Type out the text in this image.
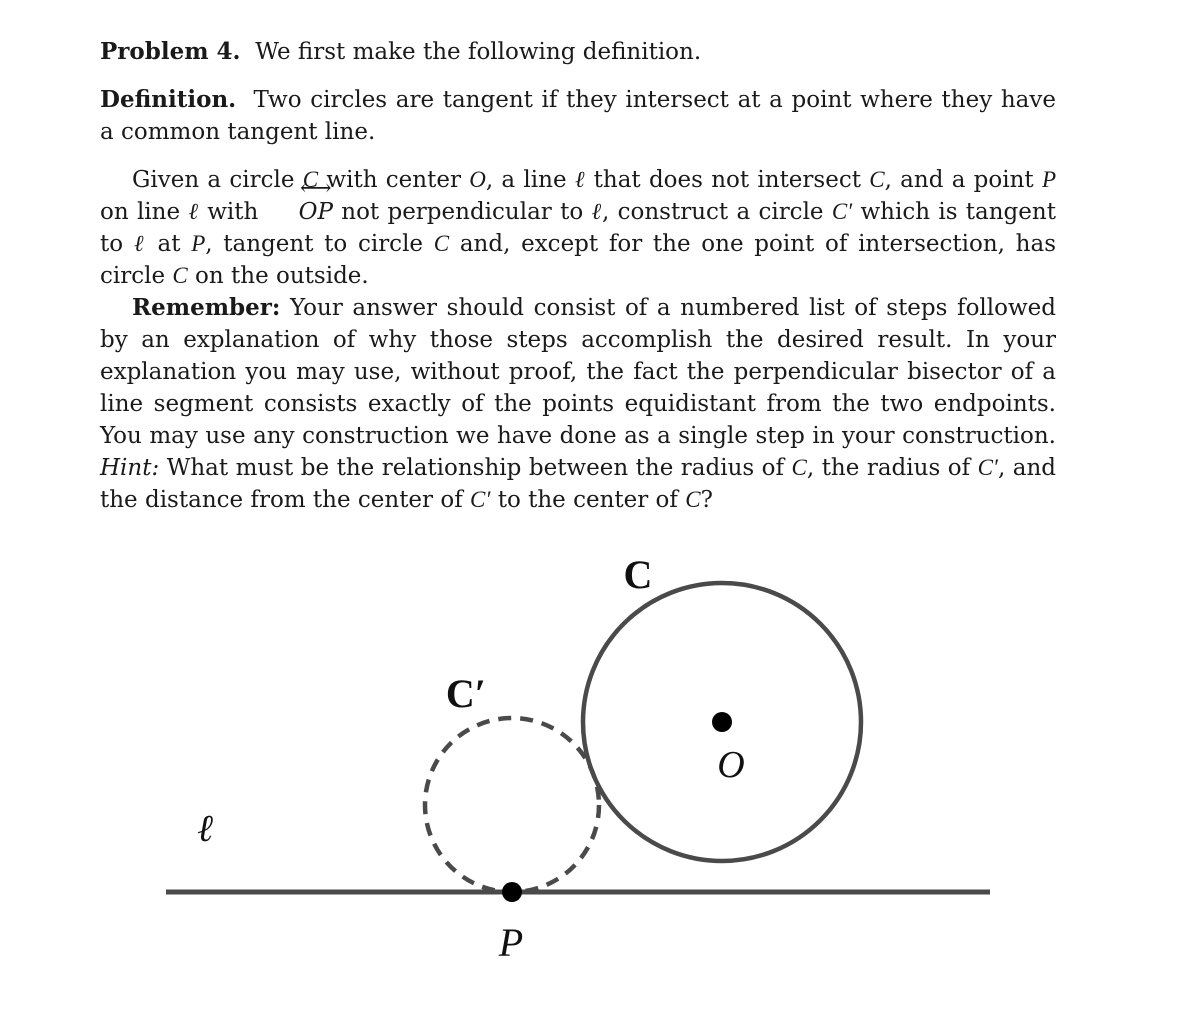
Problem 4. We first make the following definition.

Definition. Two circles are tangent if they intersect at a point where they have a common tangent line.

Given a circle C with center O, a line ℓ that does not intersect C, and a point P on line ℓ with ⟷ OP not perpendicular to ℓ, construct a circle C′ which is tangent to ℓ at P, tangent to circle C and, except for the one point of intersection, has circle C on the outside.

Remember: Your answer should consist of a numbered list of steps followed by an explanation of why those steps accomplish the desired result. In your explanation you may use, without proof, the fact the perpendicular bisector of a line segment consists exactly of the points equidistant from the two endpoints. You may use any construction we have done as a single step in your construction. Hint: What must be the relationship between the radius of C, the radius of C′, and the distance from the center of C′ to the center of C?

C
C′
O
ℓ
P
